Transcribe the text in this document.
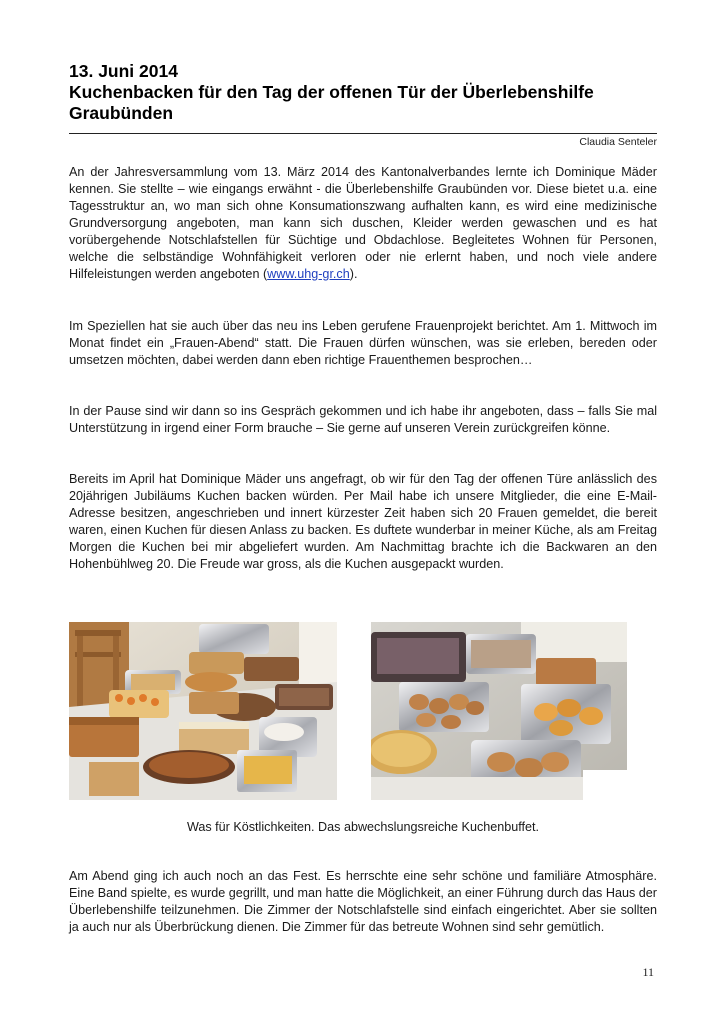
13. Juni 2014
Kuchenbacken für den Tag der offenen Tür der Überlebenshilfe Graubünden
Claudia Senteler

An der Jahresversammlung vom 13. März 2014 des Kantonalverbandes lernte ich Dominique Mäder kennen. Sie stellte – wie eingangs erwähnt - die Überlebenshilfe Graubünden vor. Diese bietet u.a. eine Tagesstruktur an, wo man sich ohne Konsumationszwang aufhalten kann, es wird eine medizinische Grundversorgung angeboten, man kann sich duschen, Kleider werden gewaschen und es hat vorübergehende Notschlafstellen für Süchtige und Obdachlose. Begleitetes Wohnen für Personen, welche die selbständige Wohnfähigkeit verloren oder nie erlernt haben, und noch viele andere Hilfeleistungen werden angeboten (www.uhg-gr.ch).

Im Speziellen hat sie auch über das neu ins Leben gerufene Frauenprojekt berichtet. Am 1. Mittwoch im Monat findet ein „Frauen-Abend“ statt. Die Frauen dürfen wünschen, was sie erleben, bereden oder umsetzen möchten, dabei werden dann eben richtige Frauenthemen besprochen…

In der Pause sind wir dann so ins Gespräch gekommen und ich habe ihr angeboten, dass – falls Sie mal Unterstützung in irgend einer Form brauche – Sie gerne auf unseren Verein zurückgreifen könne.

Bereits im April hat Dominique Mäder uns angefragt, ob wir für den Tag der offenen Türe anlässlich des 20jährigen Jubiläums Kuchen backen würden. Per Mail habe ich unsere Mitglieder, die eine E-Mail-Adresse besitzen, angeschrieben und innert kürzester Zeit haben sich 20 Frauen gemeldet, die bereit waren, einen Kuchen für diesen Anlass zu backen. Es duftete wunderbar in meiner Küche, als am Freitag Morgen die Kuchen bei mir abgeliefert wurden. Am Nachmittag brachte ich die Backwaren an den Hohenbühlweg 20. Die Freude war gross, als die Kuchen ausgepackt wurden.

Was für Köstlichkeiten. Das abwechslungsreiche Kuchenbuffet.

Am Abend ging ich auch noch an das Fest. Es herrschte eine sehr schöne und familiäre Atmosphäre. Eine Band spielte, es wurde gegrillt, und man hatte die Möglichkeit, an einer Führung durch das Haus der Überlebenshilfe teilzunehmen. Die Zimmer der Notschlafstelle sind einfach eingerichtet. Aber sie sollten ja auch nur als Überbrückung dienen. Die Zimmer für das betreute Wohnen sind sehr gemütlich.

11
